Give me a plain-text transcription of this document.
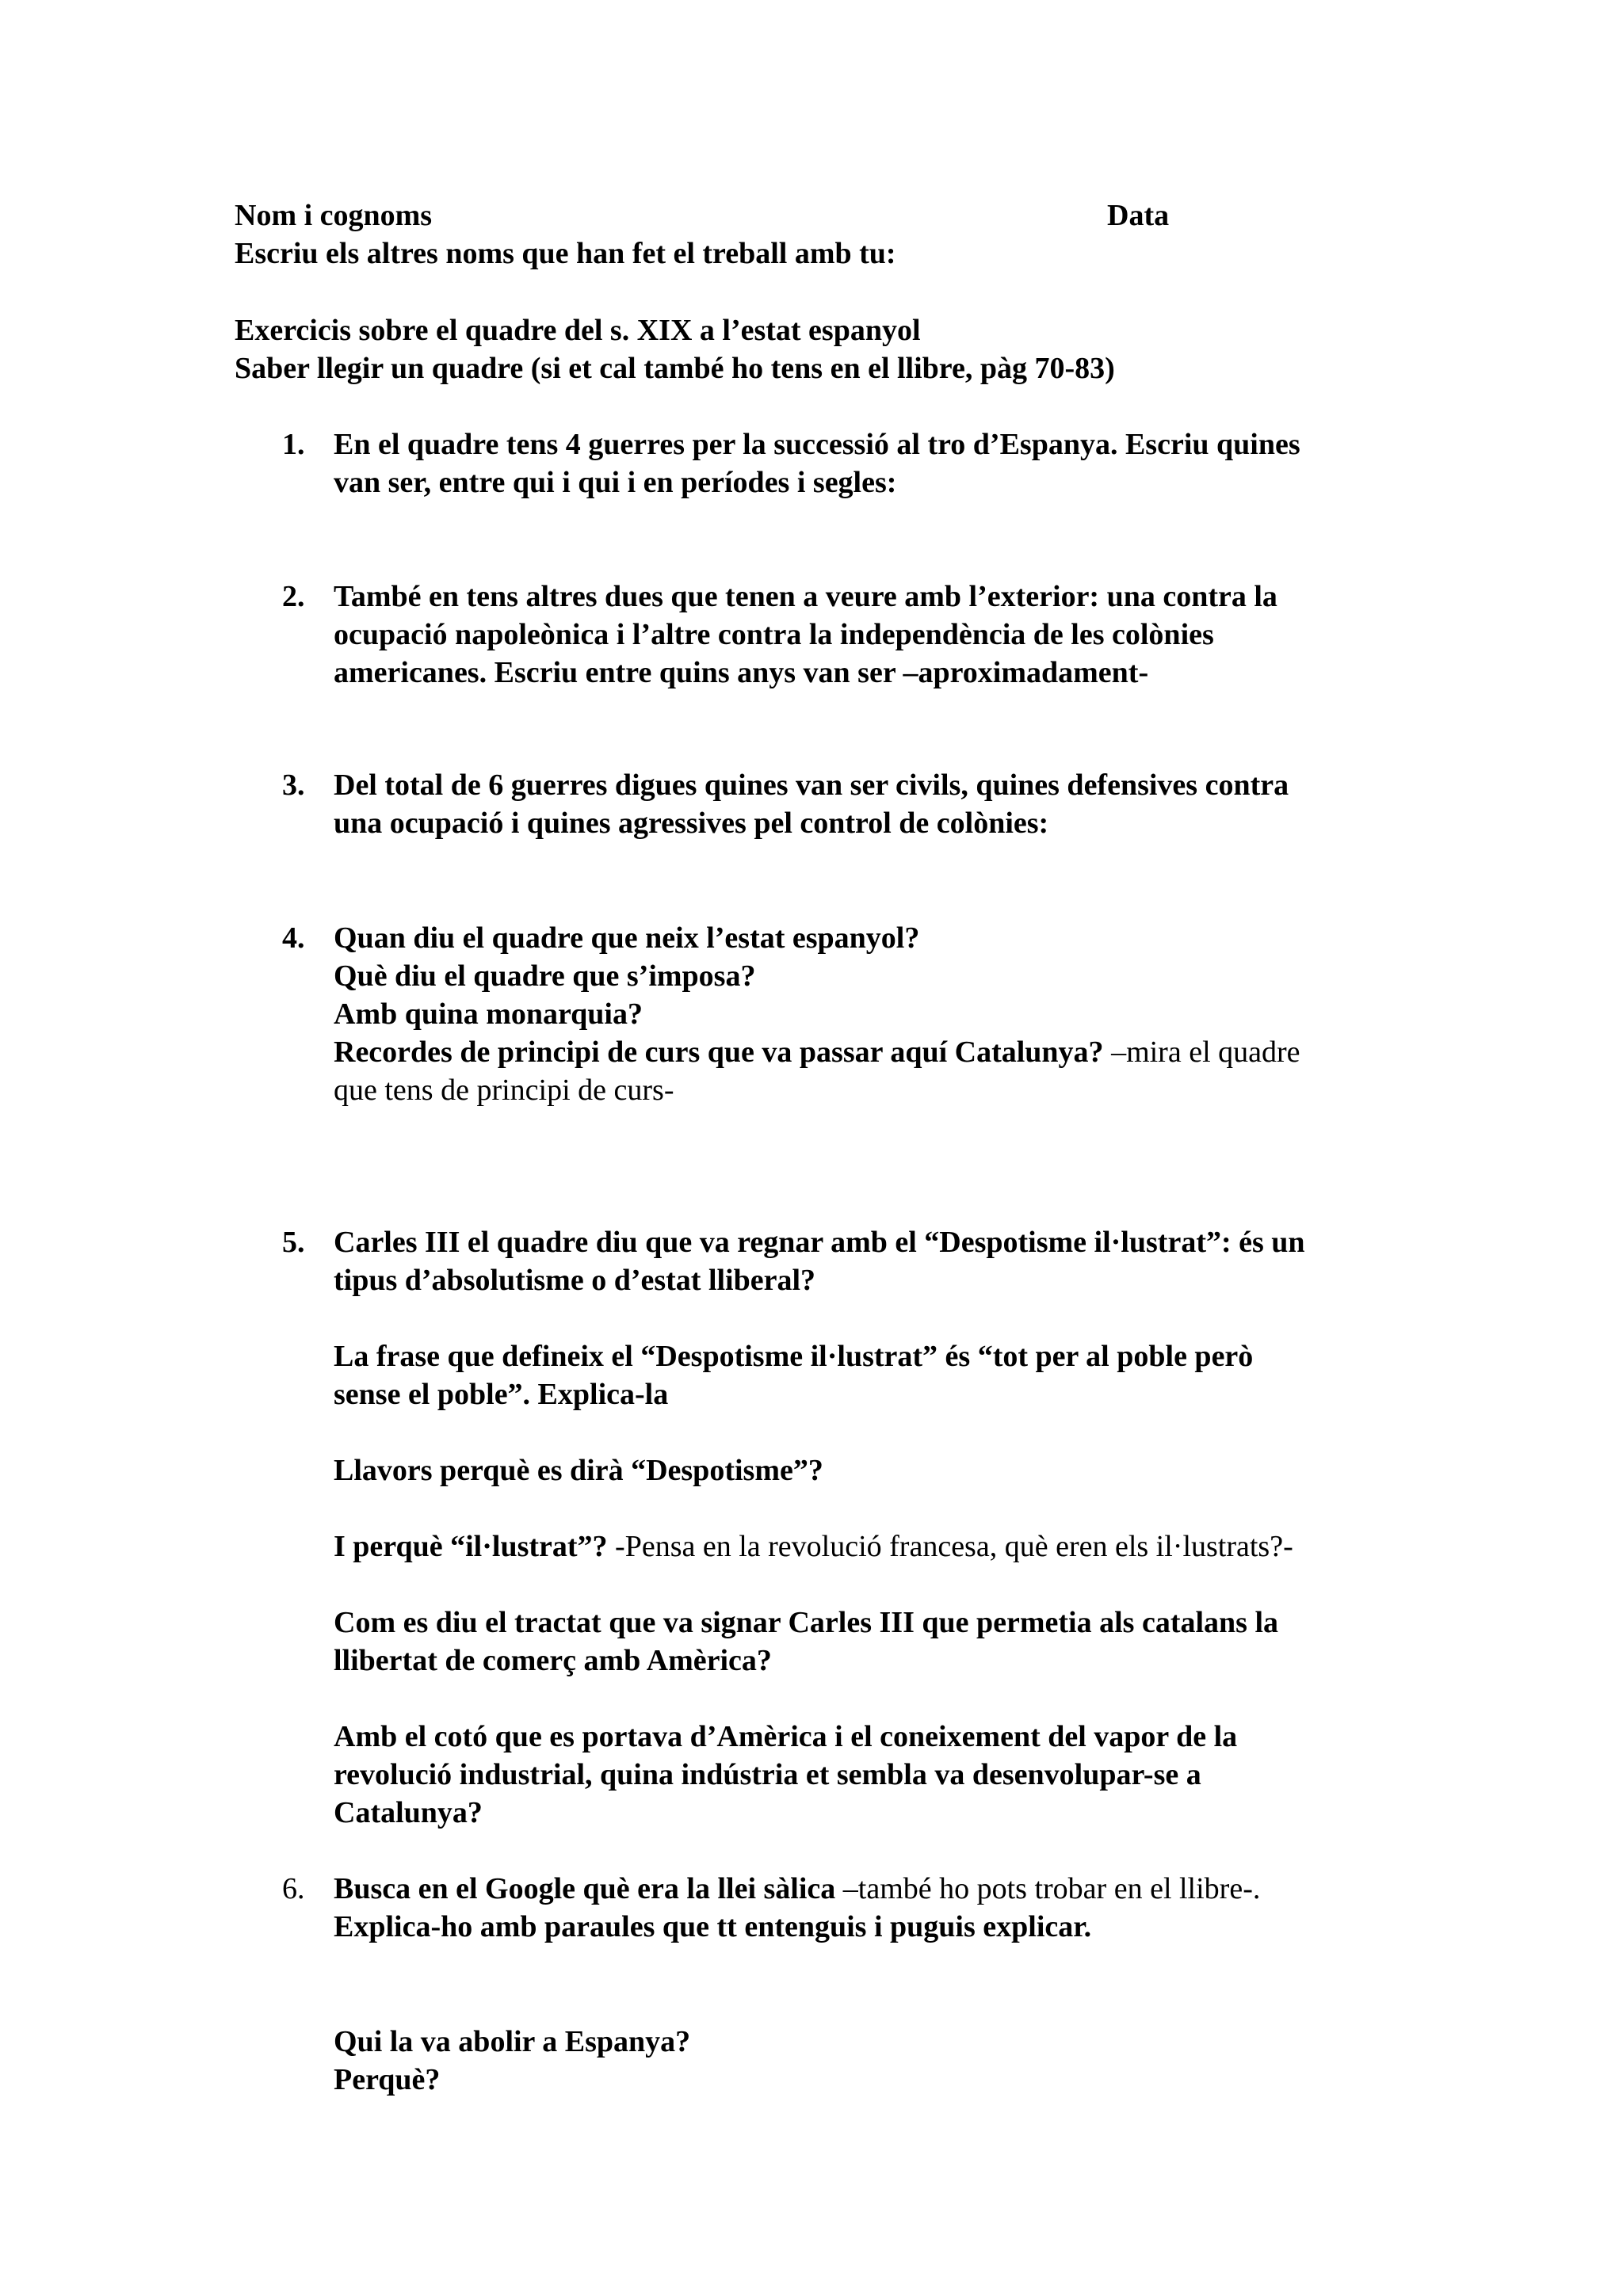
Nom i cognoms	Data
Escriu els altres noms que han fet el treball amb tu:
Exercicis sobre el quadre del s. XIX a l’estat espanyol
Saber llegir un quadre (si et cal també ho tens en el llibre, pàg 70-83)
1. En el quadre tens 4 guerres per la successió al tro d’Espanya. Escriu quines
van ser, entre qui i qui i en períodes i segles:
2. També en tens altres dues que tenen a veure amb l’exterior: una contra la
ocupació napoleònica i l’altre contra la independència de les colònies
americanes. Escriu entre quins anys van ser –aproximadament-
3. Del total de 6 guerres digues quines van ser civils, quines defensives contra
una ocupació i quines agressives pel control de colònies:
4. Quan diu el quadre que neix l’estat espanyol?
Què diu el quadre que s’imposa?
Amb quina monarquia?
Recordes de principi de curs que va passar aquí Catalunya? –mira el quadre
que tens de principi de curs-
5. Carles III el quadre diu que va regnar amb el “Despotisme il·lustrat”: és un
tipus d’absolutisme o d’estat lliberal?
La frase que defineix el “Despotisme il·lustrat” és “tot per al poble però
sense el poble”. Explica-la
Llavors perquè es dirà “Despotisme”?
I perquè “il·lustrat”? -Pensa en la revolució francesa, què eren els il·lustrats?-
Com es diu el tractat que va signar Carles III que permetia als catalans la
llibertat de comerç amb Amèrica?
Amb el cotó que es portava d’Amèrica i el coneixement del vapor de la
revolució industrial, quina indústria et sembla va desenvolupar-se a
Catalunya?
6. Busca en el Google què era la llei sàlica –també ho pots trobar en el llibre-.
Explica-ho amb paraules que tt entenguis i puguis explicar.
Qui la va abolir a Espanya?
Perquè?
